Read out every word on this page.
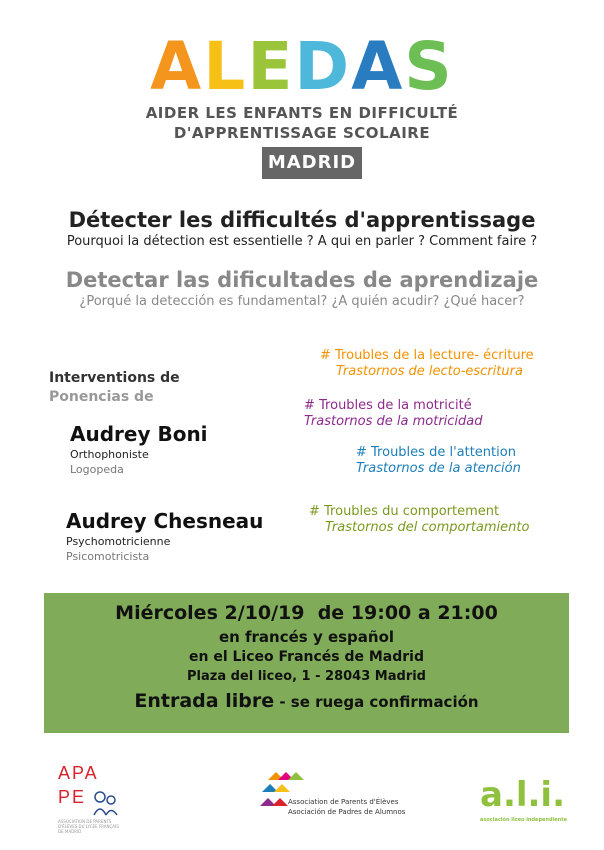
ALEDAS
AIDER LES ENFANTS EN DIFFICULTÉ
D'APPRENTISSAGE SCOLAIRE
MADRID
Détecter les difficultés d'apprentissage
Pourquoi la détection est essentielle ? A qui en parler ? Comment faire ?
Detectar las dificultades de aprendizaje
¿Porqué la detección es fundamental? ¿A quién acudir? ¿Qué hacer?
Interventions de
Ponencias de
Audrey Boni
Orthophoniste
Logopeda
Audrey Chesneau
Psychomotricienne
Psicomotricista
# Troubles de la lecture- écriture
Trastornos de lecto-escritura
# Troubles de la motricité
Trastornos de la motricidad
# Troubles de l'attention
Trastornos de la atención
# Troubles du comportement
Trastornos del comportamiento
Miércoles 2/10/19  de 19:00 a 21:00
en francés y español
en el Liceo Francés de Madrid
Plaza del liceo, 1 - 28043 Madrid
Entrada libre - se ruega confirmación
APA
PE
ASSOCIATION DE PARENTS D'ÉLÈVES DU LYCÉE FRANÇAIS DE MADRID
Association de Parents d'Élèves
Asociación de Padres de Alumnos a.l.i.
asociación liceo independiente
